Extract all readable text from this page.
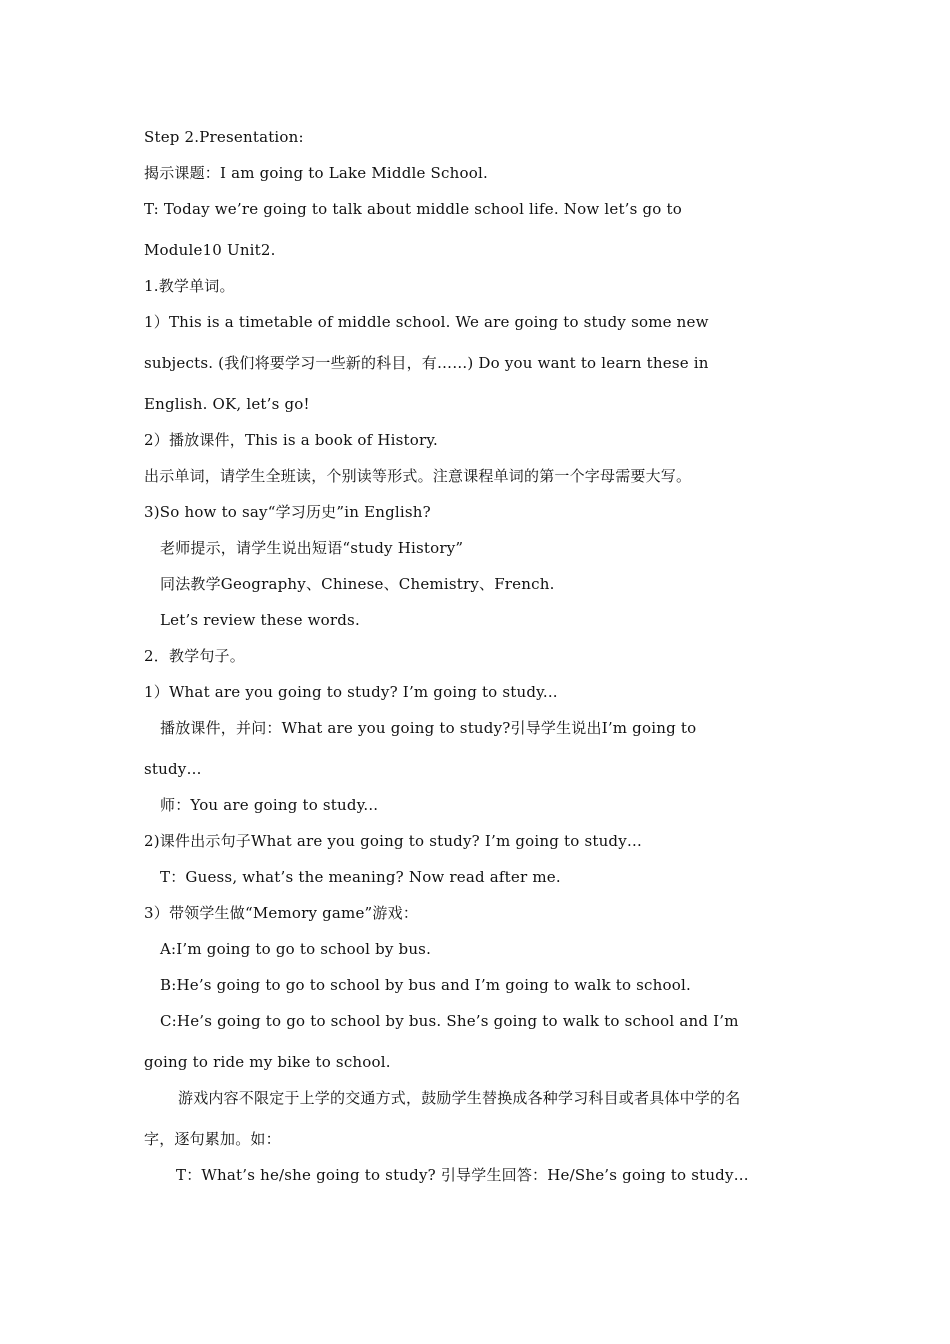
Step 2.Presentation:
揭示课题：I am going to Lake Middle School.
T: Today we’re going to talk about middle school life. Now let’s go to
Module10 Unit2.
1.教学单词。
1）This is a timetable of middle school. We are going to study some new
subjects. (我们将要学习一些新的科目，有……) Do you want to learn these in
English. OK, let’s go!
2）播放课件，This is a book of History.
出示单词，请学生全班读，个别读等形式。注意课程单词的第一个字母需要大写。
3)So how to say“学习历史”in English?
老师提示，请学生说出短语“study History”
同法教学Geography、Chinese、Chemistry、French.
Let’s review these words.
2．教学句子。
1）What are you going to study? I’m going to study...
播放课件，并问：What are you going to study?引导学生说出I’m going to
study…
师：You are going to study...
2)课件出示句子What are you going to study? I’m going to study…
T：Guess, what’s the meaning? Now read after me.
3）带领学生做“Memory game”游戏：
A:I’m going to go to school by bus.
B:He’s going to go to school by bus and I’m going to walk to school.
C:He’s going to go to school by bus. She’s going to walk to school and I’m
going to ride my bike to school.
游戏内容不限定于上学的交通方式，鼓励学生替换成各种学习科目或者具体中学的名
字，逐句累加。如：
T：What’s he/she going to study? 引导学生回答：He/She’s going to study…
